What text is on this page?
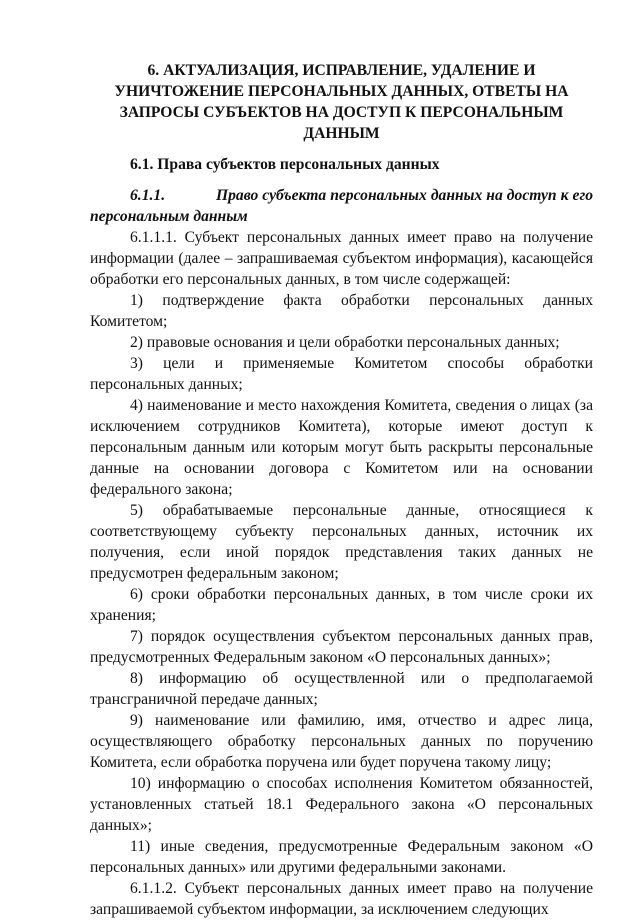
6. АКТУАЛИЗАЦИЯ, ИСПРАВЛЕНИЕ, УДАЛЕНИЕ И
УНИЧТОЖЕНИЕ ПЕРСОНАЛЬНЫХ ДАННЫХ, ОТВЕТЫ НА
ЗАПРОСЫ СУБЪЕКТОВ НА ДОСТУП К ПЕРСОНАЛЬНЫМ
ДАННЫМ
6.1. Права субъектов персональных данных
6.1.1.	Право субъекта персональных данных на доступ к его
персональным данным

6.1.1.1. Субъект персональных данных имеет право на получение информации (далее – запрашиваемая субъектом информация), касающейся обработки его персональных данных, в том числе содержащей:

1) подтверждение факта обработки персональных данных Комитетом;

2) правовые основания и цели обработки персональных данных;

3) цели и применяемые Комитетом способы обработки персональных данных;

4) наименование и место нахождения Комитета, сведения о лицах (за исключением сотрудников Комитета), которые имеют доступ к персональным данным или которым могут быть раскрыты персональные данные на основании договора с Комитетом или на основании федерального закона;

5) обрабатываемые персональные данные, относящиеся к соответствующему субъекту персональных данных, источник их получения, если иной порядок представления таких данных не предусмотрен федеральным законом;

6) сроки обработки персональных данных, в том числе сроки их хранения;

7) порядок осуществления субъектом персональных данных прав, предусмотренных Федеральным законом «О персональных данных»;

8) информацию об осуществленной или о предполагаемой трансграничной передаче данных;

9) наименование или фамилию, имя, отчество и адрес лица, осуществляющего обработку персональных данных по поручению Комитета, если обработка поручена или будет поручена такому лицу;

10) информацию о способах исполнения Комитетом обязанностей, установленных статьей 18.1 Федерального закона «О персональных данных»;

11) иные сведения, предусмотренные Федеральным законом «О персональных данных» или другими федеральными законами.

6.1.1.2. Субъект персональных данных имеет право на получение запрашиваемой субъектом информации, за исключением следующих
